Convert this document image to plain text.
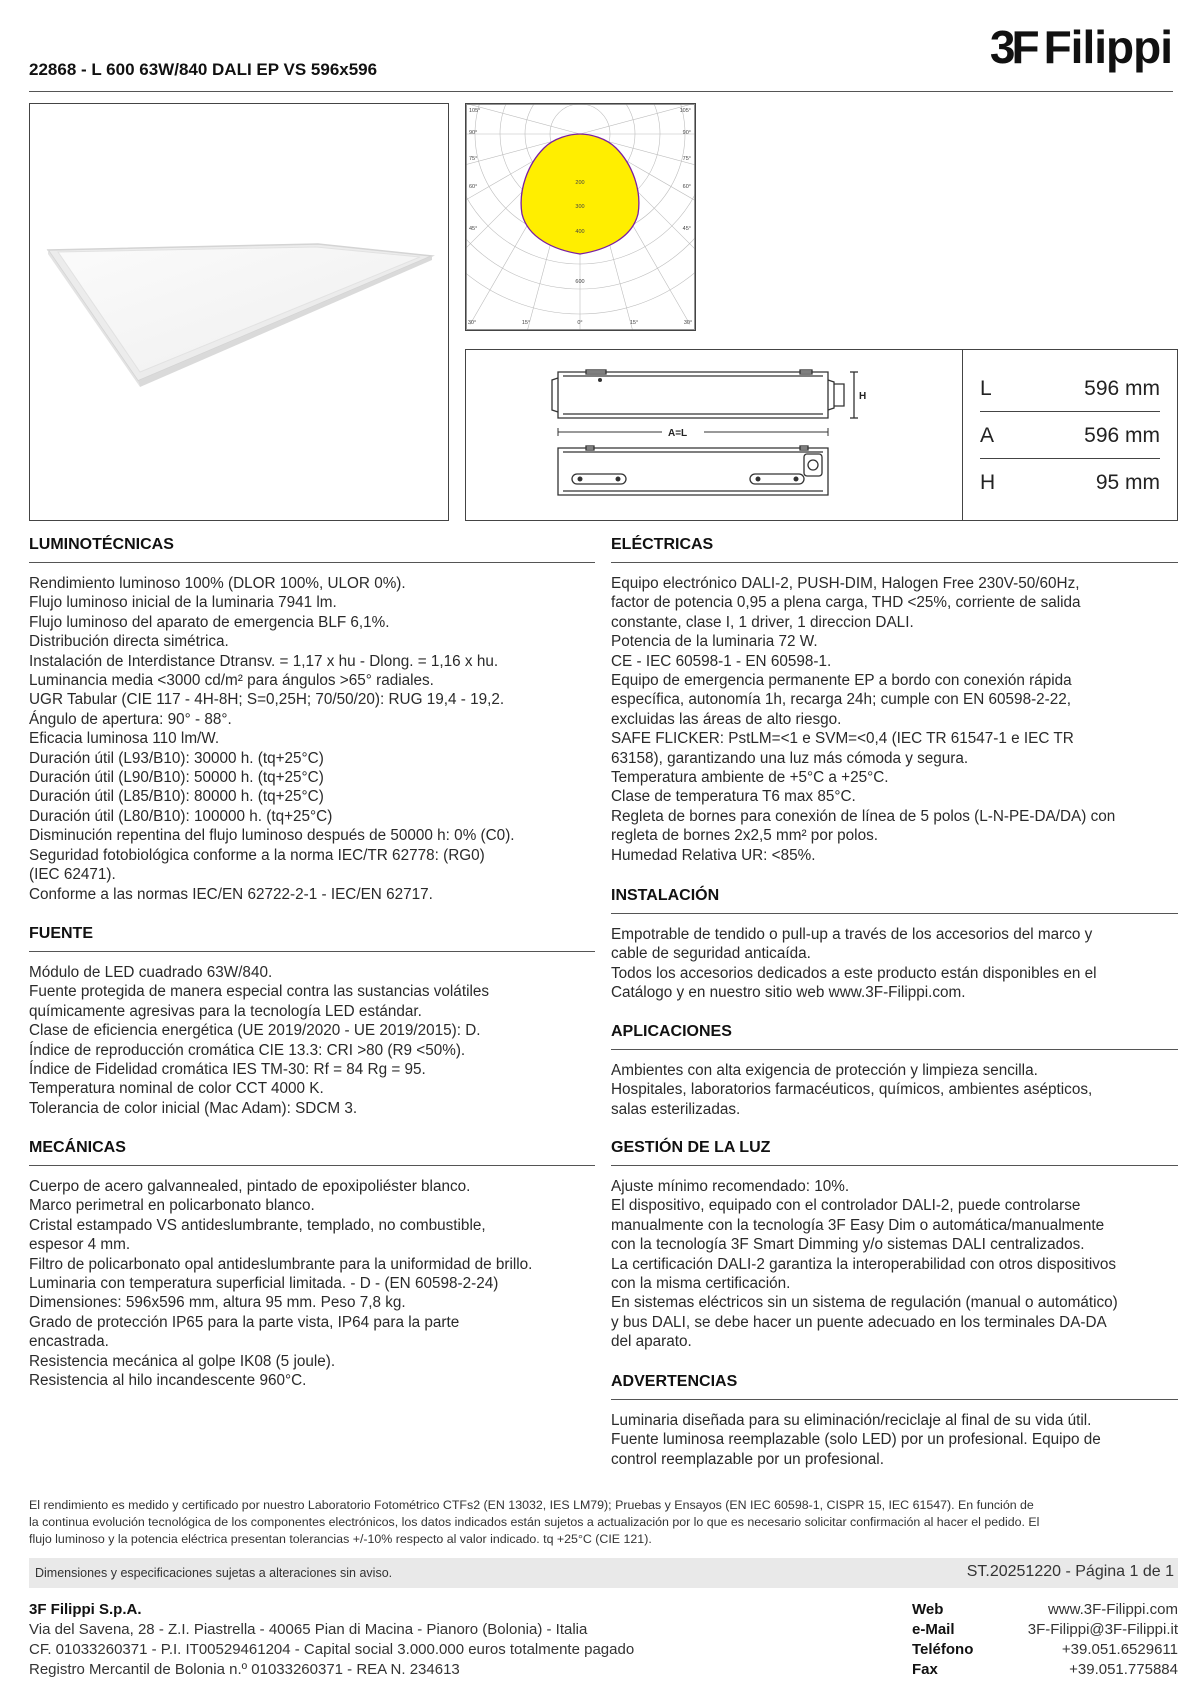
22868 - L 600 63W/840 DALI EP VS 596x596	3F Filippi
105°
90°
75°
60°
45°
105°
90°
75°
60°
45°
200
300
400
600
30°	15°	0°	15°	30°
H
A=L
L	596 mm
A	596 mm
H	95 mm
LUMINOTÉCNICAS
Rendimiento luminoso 100% (DLOR 100%, ULOR 0%).
Flujo luminoso inicial de la luminaria 7941 lm.
Flujo luminoso del aparato de emergencia BLF 6,1%.
Distribución directa simétrica.
Instalación de Interdistance Dtransv. = 1,17 x hu - Dlong. = 1,16 x hu.
Luminancia media <3000 cd/m² para ángulos >65° radiales.
UGR Tabular (CIE 117 - 4H-8H; S=0,25H; 70/50/20): RUG 19,4 - 19,2.
Ángulo de apertura: 90° - 88°.
Eficacia luminosa 110 lm/W.
Duración útil (L93/B10): 30000 h. (tq+25°C)
Duración útil (L90/B10): 50000 h. (tq+25°C)
Duración útil (L85/B10): 80000 h. (tq+25°C)
Duración útil (L80/B10): 100000 h. (tq+25°C)
Disminución repentina del flujo luminoso después de 50000 h: 0% (C0).
Seguridad fotobiológica conforme a la norma IEC/TR 62778: (RG0)
(IEC 62471).
Conforme a las normas IEC/EN 62722-2-1 - IEC/EN 62717.
FUENTE
Módulo de LED cuadrado 63W/840.
Fuente protegida de manera especial contra las sustancias volátiles
químicamente agresivas para la tecnología LED estándar.
Clase de eficiencia energética (UE 2019/2020 - UE 2019/2015): D.
Índice de reproducción cromática CIE 13.3: CRI >80 (R9 <50%).
Índice de Fidelidad cromática IES TM-30: Rf = 84 Rg = 95.
Temperatura nominal de color CCT 4000 K.
Tolerancia de color inicial (Mac Adam): SDCM 3.
MECÁNICAS
Cuerpo de acero galvannealed, pintado de epoxipoliéster blanco.
Marco perimetral en policarbonato blanco.
Cristal estampado VS antideslumbrante, templado, no combustible,
espesor 4 mm.
Filtro de policarbonato opal antideslumbrante para la uniformidad de brillo.
Luminaria con temperatura superficial limitada. - D - (EN 60598-2-24)
Dimensiones: 596x596 mm, altura 95 mm. Peso 7,8 kg.
Grado de protección IP65 para la parte vista, IP64 para la parte
encastrada.
Resistencia mecánica al golpe IK08 (5 joule).
Resistencia al hilo incandescente 960°C.
ELÉCTRICAS
Equipo electrónico DALI-2, PUSH-DIM, Halogen Free 230V-50/60Hz,
factor de potencia 0,95 a plena carga, THD <25%, corriente de salida
constante, clase I, 1 driver, 1 direccion DALI.
Potencia de la luminaria 72 W.
CE - IEC 60598-1 - EN 60598-1.
Equipo de emergencia permanente EP a bordo con conexión rápida
específica, autonomía 1h, recarga 24h; cumple con EN 60598-2-22,
excluidas las áreas de alto riesgo.
SAFE FLICKER: PstLM=<1 e SVM=<0,4 (IEC TR 61547-1 e IEC TR
63158), garantizando una luz más cómoda y segura.
Temperatura ambiente de +5°C a +25°C.
Clase de temperatura T6 max 85°C.
Regleta de bornes para conexión de línea de 5 polos (L-N-PE-DA/DA) con
regleta de bornes 2x2,5 mm² por polos.
Humedad Relativa UR: <85%.
INSTALACIÓN
Empotrable de tendido o pull-up a través de los accesorios del marco y
cable de seguridad anticaída.
Todos los accesorios dedicados a este producto están disponibles en el
Catálogo y en nuestro sitio web www.3F-Filippi.com.
APLICACIONES
Ambientes con alta exigencia de protección y limpieza sencilla.
Hospitales, laboratorios farmacéuticos, químicos, ambientes asépticos,
salas esterilizadas.
GESTIÓN DE LA LUZ
Ajuste mínimo recomendado: 10%.
El dispositivo, equipado con el controlador DALI-2, puede controlarse
manualmente con la tecnología 3F Easy Dim o automática/manualmente
con la tecnología 3F Smart Dimming y/o sistemas DALI centralizados.
La certificación DALI-2 garantiza la interoperabilidad con otros dispositivos
con la misma certificación.
En sistemas eléctricos sin un sistema de regulación (manual o automático)
y bus DALI, se debe hacer un puente adecuado en los terminales DA-DA
del aparato.
ADVERTENCIAS
Luminaria diseñada para su eliminación/reciclaje al final de su vida útil.
Fuente luminosa reemplazable (solo LED) por un profesional. Equipo de
control reemplazable por un profesional.
El rendimiento es medido y certificado por nuestro Laboratorio Fotométrico CTFs2 (EN 13032, IES LM79); Pruebas y Ensayos (EN IEC 60598-1, CISPR 15, IEC 61547). En función de
la continua evolución tecnológica de los componentes electrónicos, los datos indicados están sujetos a actualización por lo que es necesario solicitar confirmación al hacer el pedido. El
flujo luminoso y la potencia eléctrica presentan tolerancias +/-10% respecto al valor indicado. tq +25°C (CIE 121).
Dimensiones y especificaciones sujetas a alteraciones sin aviso.	ST.20251220 - Página 1 de 1
3F Filippi S.p.A.
Via del Savena, 28 - Z.I. Piastrella - 40065 Pian di Macina - Pianoro (Bolonia) - Italia
CF. 01033260371 - P.I. IT00529461204 - Capital social 3.000.000 euros totalmente pagado
Registro Mercantil de Bolonia n.º 01033260371 - REA N. 234613
Web	www.3F-Filippi.com
e-Mail	3F-Filippi@3F-Filippi.it
Teléfono	+39.051.6529611
Fax	+39.051.775884
